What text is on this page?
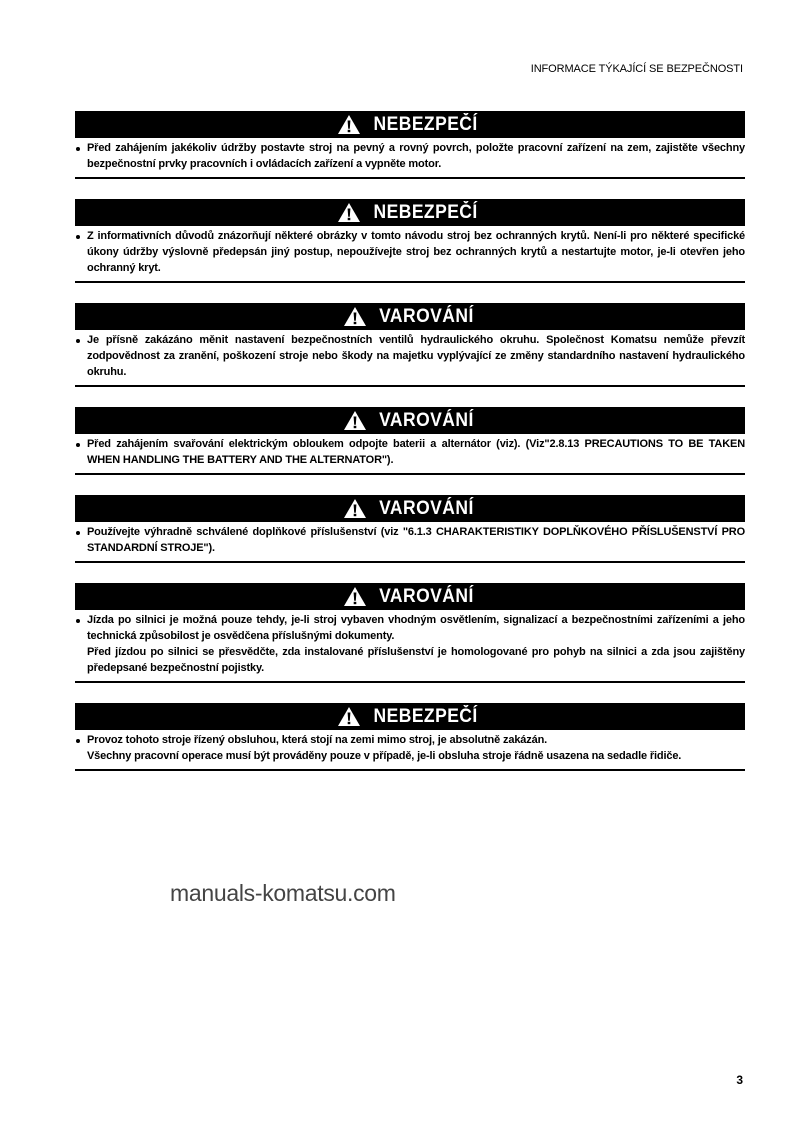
INFORMACE TÝKAJÍCÍ SE BEZPEČNOSTI
NEBEZPEČÍ

Před zahájením jakékoliv údržby postavte stroj na pevný a rovný povrch, položte pracovní zařízení na zem, zajistěte všechny bezpečnostní prvky pracovních i ovládacích zařízení a vypněte motor.

NEBEZPEČÍ

Z informativních důvodů znázorňují některé obrázky v tomto návodu stroj bez ochranných krytů. Není-li pro některé specifické úkony údržby výslovně předepsán jiný postup, nepoužívejte stroj bez ochranných krytů a nestartujte motor, je-li otevřen jeho ochranný kryt.

VAROVÁNÍ

Je přísně zakázáno měnit nastavení bezpečnostních ventilů hydraulického okruhu. Společnost Komatsu nemůže převzít zodpovědnost za zranění, poškození stroje nebo škody na majetku vyplývající ze změny standardního nastavení hydraulického okruhu.

VAROVÁNÍ

Před zahájením svařování elektrickým obloukem odpojte baterii a alternátor (viz). (Viz"2.8.13 PRECAUTIONS TO BE TAKEN WHEN HANDLING THE BATTERY AND THE ALTERNATOR").

VAROVÁNÍ

Používejte výhradně schválené doplňkové příslušenství (viz "6.1.3 CHARAKTERISTIKY DOPLŇKOVÉHO PŘÍSLUŠENSTVÍ PRO STANDARDNÍ STROJE").

VAROVÁNÍ

Jízda po silnici je možná pouze tehdy, je-li stroj vybaven vhodným osvětlením, signalizací a bezpečnostními zařízeními a jeho technická způsobilost je osvědčena příslušnými dokumenty.

Před jízdou po silnici se přesvědčte, zda instalované příslušenství je homologované pro pohyb na silnici a zda jsou zajištěny předepsané bezpečnostní pojistky.

NEBEZPEČÍ

Provoz tohoto stroje řízený obsluhou, která stojí na zemi mimo stroj, je absolutně zakázán.

Všechny pracovní operace musí být prováděny pouze v případě, je-li obsluha stroje řádně usazena na sedadle řidiče.

manuals-komatsu.com
3
